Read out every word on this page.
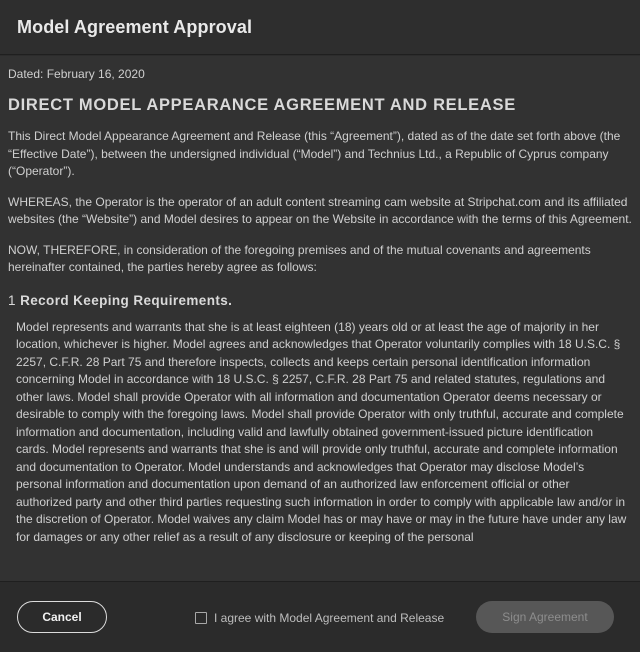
Model Agreement Approval

Dated: February 16, 2020

DIRECT MODEL APPEARANCE AGREEMENT AND RELEASE

This Direct Model Appearance Agreement and Release (this “Agreement”), dated as of the date set forth above (the “Effective Date”), between the undersigned individual (“Model”) and Technius Ltd., a Republic of Cyprus company (“Operator”).

WHEREAS, the Operator is the operator of an adult content streaming cam website at Stripchat.com and its affiliated websites (the “Website”) and Model desires to appear on the Website in accordance with the terms of this Agreement.

NOW, THEREFORE, in consideration of the foregoing premises and of the mutual covenants and agreements hereinafter contained, the parties hereby agree as follows:

1 Record Keeping Requirements.

Model represents and warrants that she is at least eighteen (18) years old or at least the age of majority in her location, whichever is higher. Model agrees and acknowledges that Operator voluntarily complies with 18 U.S.C. § 2257, C.F.R. 28 Part 75 and therefore inspects, collects and keeps certain personal identification information concerning Model in accordance with 18 U.S.C. § 2257, C.F.R. 28 Part 75 and related statutes, regulations and other laws. Model shall provide Operator with all information and documentation Operator deems necessary or desirable to comply with the foregoing laws. Model shall provide Operator with only truthful, accurate and complete information and documentation, including valid and lawfully obtained government-issued picture identification cards. Model represents and warrants that she is and will provide only truthful, accurate and complete information and documentation to Operator. Model understands and acknowledges that Operator may disclose Model’s personal information and documentation upon demand of an authorized law enforcement official or other authorized party and other third parties requesting such information in order to comply with applicable law and/or in the discretion of Operator. Model waives any claim Model has or may have or may in the future have under any law for damages or any other relief as a result of any disclosure or keeping of the personal

Cancel	I agree with Model Agreement and Release	Sign Agreement
